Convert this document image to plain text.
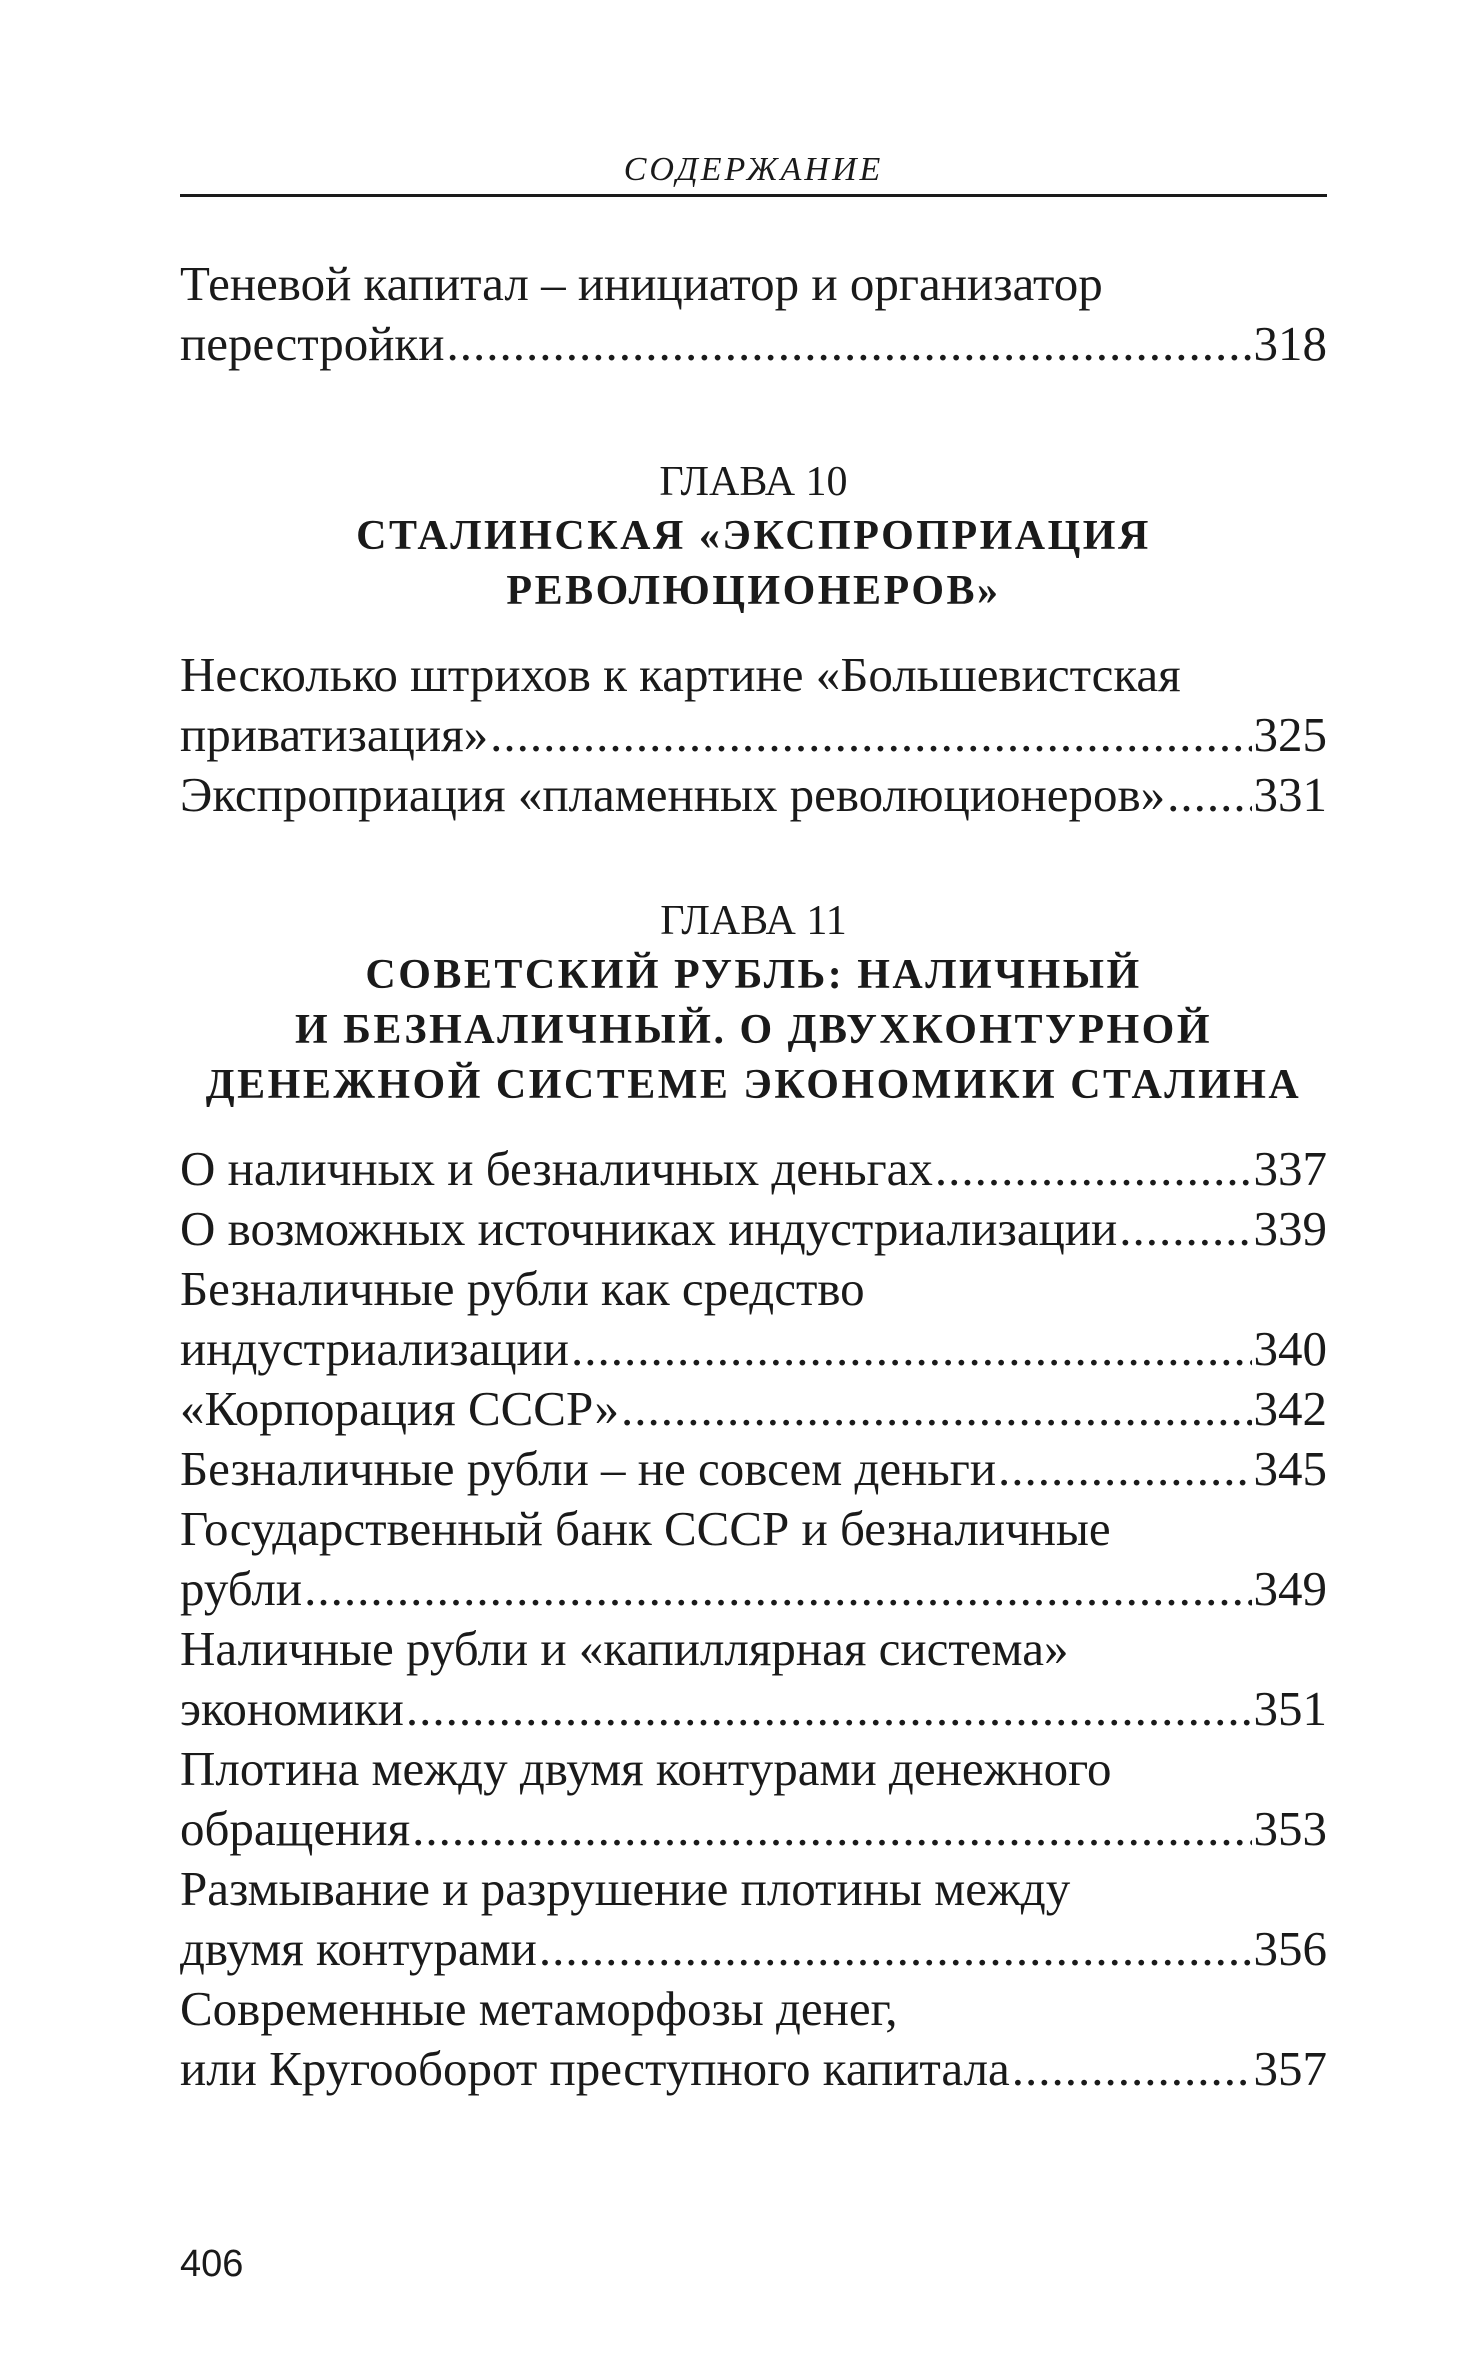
СОДЕРЖАНИЕ
Теневой капитал – инициатор и организатор
перестройки .....	318
ГЛАВА 10
СТАЛИНСКАЯ «ЭКСПРОПРИАЦИЯ
РЕВОЛЮЦИОНЕРОВ»
Несколько штрихов к картине «Большевистская
приватизация» .....	325
Экспроприация «пламенных революционеров» ..... 331
ГЛАВА 11
СОВЕТСКИЙ РУБЛЬ: НАЛИЧНЫЙ
И БЕЗНАЛИЧНЫЙ. О ДВУХКОНТУРНОЙ
ДЕНЕЖНОЙ СИСТЕМЕ ЭКОНОМИКИ СТАЛИНА
О наличных и безналичных деньгах .....	337
О возможных источниках индустриализации .....	339
Безналичные рубли как средство
индустриализации .....	340
«Корпорация СССР» .....	342
Безналичные рубли – не совсем деньги .....	345
Государственный банк СССР и безналичные
рубли .....	349
Наличные рубли и «капиллярная система»
экономики .....	351
Плотина между двумя контурами денежного
обращения .....	353
Размывание и разрушение плотины между
двумя контурами .....	356
Современные метаморфозы денег,
или Кругооборот преступного капитала .....	357
406
